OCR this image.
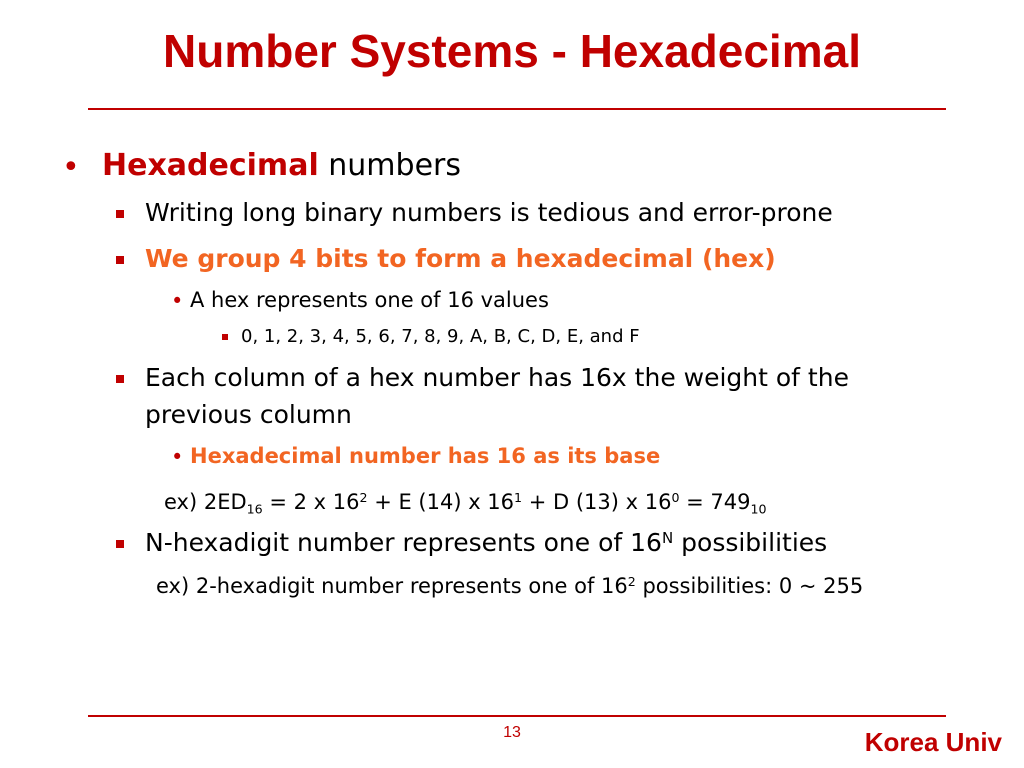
Number Systems - Hexadecimal
• Hexadecimal numbers
Writing long binary numbers is tedious and error-prone
We group 4 bits to form a hexadecimal (hex)
• A hex represents one of 16 values
0, 1, 2, 3, 4, 5, 6, 7, 8, 9, A, B, C, D, E, and F
Each column of a hex number has 16x the weight of the
previous column
• Hexadecimal number has 16 as its base
ex) $2ED_{16} = 2$ x $16^2 + E$ (14) x $16^1 + D$ (13) x $16^0 = 749_{10}$
N-hexadigit number represents one of $16^N$ possibilities
ex) 2-hexadigit number represents one of $16^2$ possibilities: 0 ~ 255
13	Korea Univ
